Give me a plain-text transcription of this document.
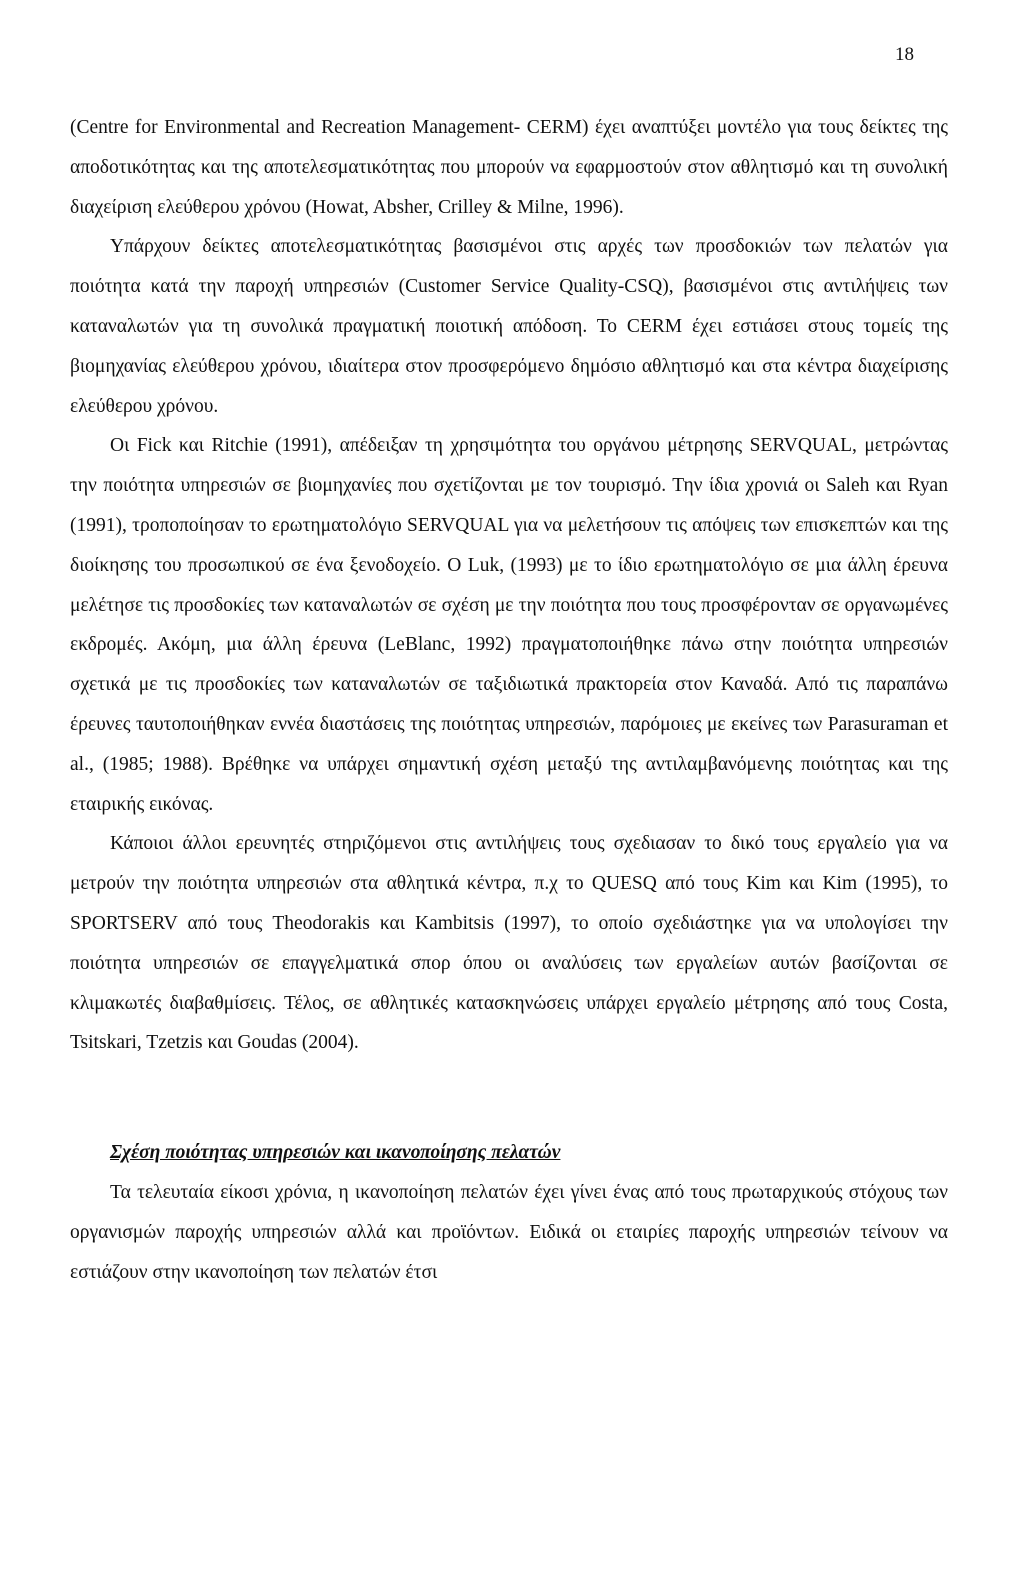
18

(Centre for Environmental and Recreation Management- CERM) έχει αναπτύξει μοντέλο για τους δείκτες της αποδοτικότητας και της αποτελεσματικότητας που μπορούν να εφαρμοστούν στον αθλητισμό και τη συνολική διαχείριση ελεύθερου χρόνου (Howat, Absher, Crilley & Milne, 1996).

Υπάρχουν δείκτες αποτελεσματικότητας βασισμένοι στις αρχές των προσδοκιών των πελατών για ποιότητα κατά την παροχή υπηρεσιών (Customer Service Quality-CSQ), βασισμένοι στις αντιλήψεις των καταναλωτών για τη συνολικά πραγματική ποιοτική απόδοση. Το CERM έχει εστιάσει στους τομείς της βιομηχανίας ελεύθερου χρόνου, ιδιαίτερα στον προσφερόμενο δημόσιο αθλητισμό και στα κέντρα διαχείρισης ελεύθερου χρόνου.

Οι Fick και Ritchie (1991), απέδειξαν τη χρησιμότητα του οργάνου μέτρησης SERVQUAL, μετρώντας την ποιότητα υπηρεσιών σε βιομηχανίες που σχετίζονται με τον τουρισμό. Την ίδια χρονιά οι Saleh και Ryan (1991), τροποποίησαν το ερωτηματολόγιο SERVQUAL για να μελετήσουν τις απόψεις των επισκεπτών και της διοίκησης του προσωπικού σε ένα ξενοδοχείο. Ο Luk, (1993) με το ίδιο ερωτηματολόγιο σε μια άλλη έρευνα μελέτησε τις προσδοκίες των καταναλωτών σε σχέση με την ποιότητα που τους προσφέρονταν σε οργανωμένες εκδρομές. Ακόμη, μια άλλη έρευνα (LeBlanc, 1992) πραγματοποιήθηκε πάνω στην ποιότητα υπηρεσιών σχετικά με τις προσδοκίες των καταναλωτών σε ταξιδιωτικά πρακτορεία στον Καναδά. Από τις παραπάνω έρευνες ταυτοποιήθηκαν εννέα διαστάσεις της ποιότητας υπηρεσιών, παρόμοιες με εκείνες των Parasuraman et al., (1985; 1988). Βρέθηκε να υπάρχει σημαντική σχέση μεταξύ της αντιλαμβανόμενης ποιότητας και της εταιρικής εικόνας.

Κάποιοι άλλοι ερευνητές στηριζόμενοι στις αντιλήψεις τους σχεδιασαν το δικό τους εργαλείο για να μετρούν την ποιότητα υπηρεσιών στα αθλητικά κέντρα, π.χ το QUESQ από τους Kim και Kim (1995), το SPORTSERV από τους Theodorakis και Kambitsis (1997), το οποίο σχεδιάστηκε για να υπολογίσει την ποιότητα υπηρεσιών σε επαγγελματικά σπορ όπου οι αναλύσεις των εργαλείων αυτών βασίζονται σε κλιμακωτές διαβαθμίσεις. Τέλος, σε αθλητικές κατασκηνώσεις υπάρχει εργαλείο μέτρησης από τους Costa, Tsitskari, Tzetzis και Goudas (2004).

Σχέση ποιότητας υπηρεσιών και ικανοποίησης πελατών

Τα τελευταία είκοσι χρόνια, η ικανοποίηση πελατών έχει γίνει ένας από τους πρωταρχικούς στόχους των οργανισμών παροχής υπηρεσιών αλλά και προϊόντων. Ειδικά οι εταιρίες παροχής υπηρεσιών τείνουν να εστιάζουν στην ικανοποίηση των πελατών έτσι
